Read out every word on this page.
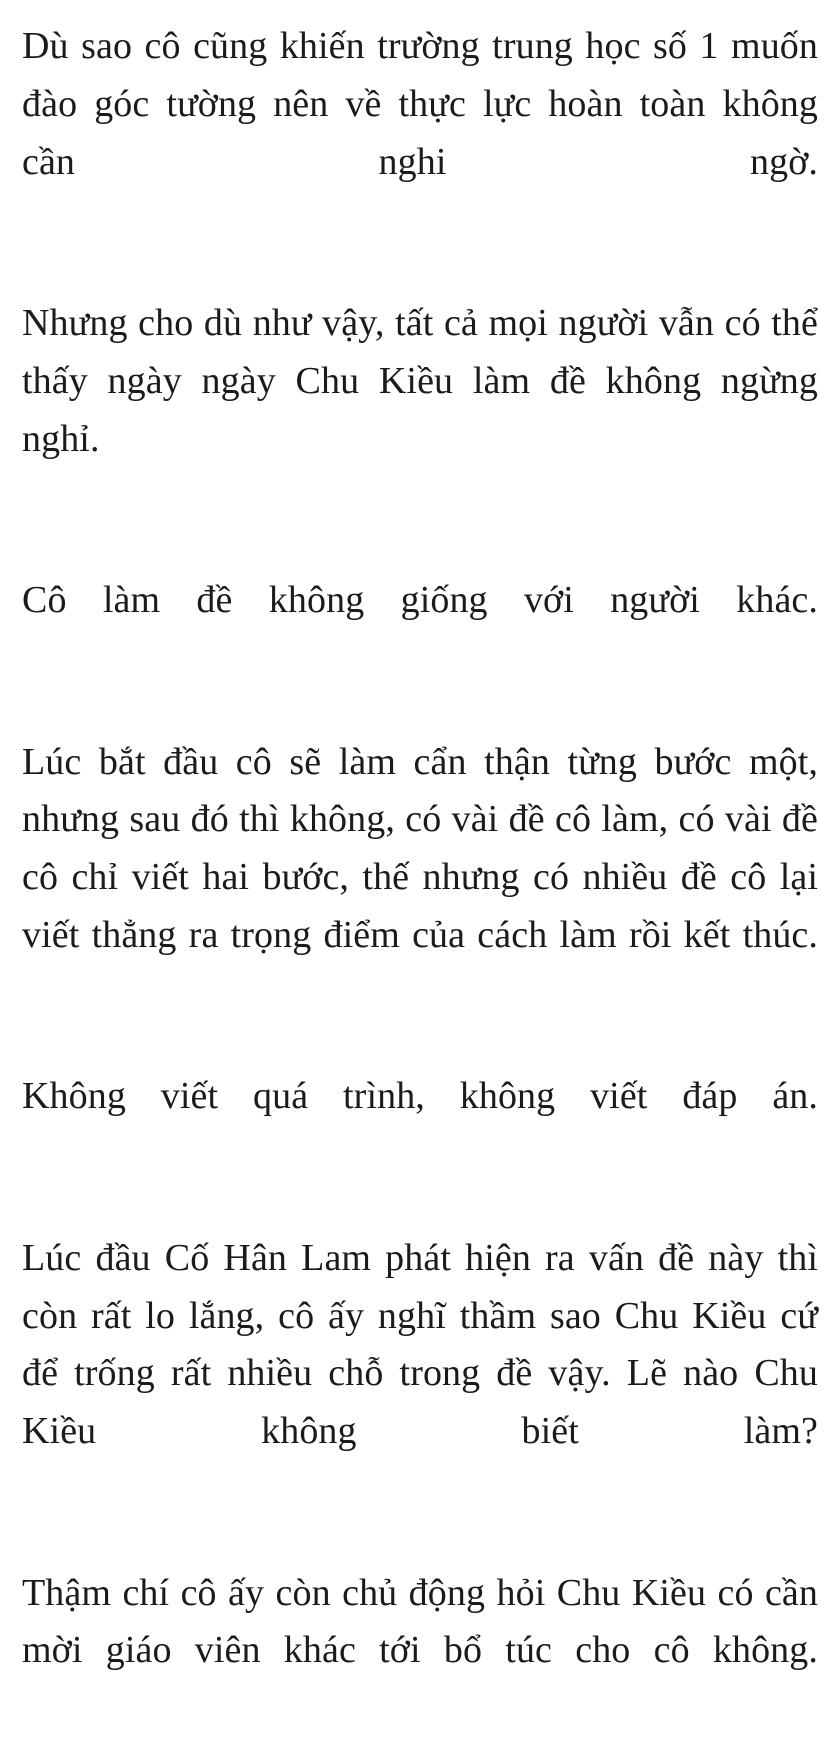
Dù sao cô cũng khiến trường trung học số 1 muốn đào góc tường nên về thực lực hoàn toàn không cần nghi ngờ.

Nhưng cho dù như vậy, tất cả mọi người vẫn có thể thấy ngày ngày Chu Kiều làm đề không ngừng nghỉ.

Cô làm đề không giống với người khác.

Lúc bắt đầu cô sẽ làm cẩn thận từng bước một, nhưng sau đó thì không, có vài đề cô làm, có vài đề cô chỉ viết hai bước, thế nhưng có nhiều đề cô lại viết thẳng ra trọng điểm của cách làm rồi kết thúc.

Không viết quá trình, không viết đáp án.

Lúc đầu Cố Hân Lam phát hiện ra vấn đề này thì còn rất lo lắng, cô ấy nghĩ thầm sao Chu Kiều cứ để trống rất nhiều chỗ trong đề vậy. Lẽ nào Chu Kiều không biết làm?

Thậm chí cô ấy còn chủ động hỏi Chu Kiều có cần mời giáo viên khác tới bổ túc cho cô không.
